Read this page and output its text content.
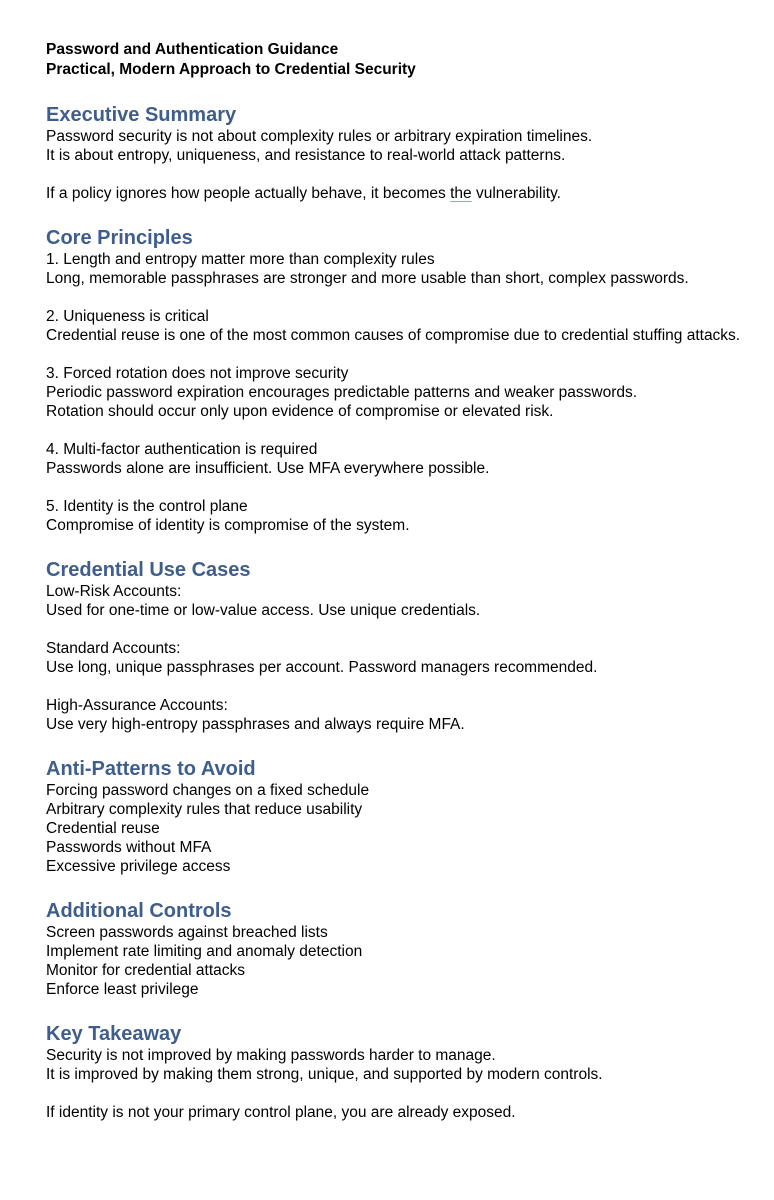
Password and Authentication Guidance

Practical, Modern Approach to Credential Security

Executive Summary

Password security is not about complexity rules or arbitrary expiration timelines.

It is about entropy, uniqueness, and resistance to real-world attack patterns.

If a policy ignores how people actually behave, it becomes the vulnerability.

Core Principles

1. Length and entropy matter more than complexity rules

Long, memorable passphrases are stronger and more usable than short, complex passwords.

2. Uniqueness is critical

Credential reuse is one of the most common causes of compromise due to credential stuffing attacks.

3. Forced rotation does not improve security

Periodic password expiration encourages predictable patterns and weaker passwords.

Rotation should occur only upon evidence of compromise or elevated risk.

4. Multi-factor authentication is required

Passwords alone are insufficient. Use MFA everywhere possible.

5. Identity is the control plane

Compromise of identity is compromise of the system.

Credential Use Cases

Low-Risk Accounts:

Used for one-time or low-value access. Use unique credentials.

Standard Accounts:

Use long, unique passphrases per account. Password managers recommended.

High-Assurance Accounts:

Use very high-entropy passphrases and always require MFA.

Anti-Patterns to Avoid

Forcing password changes on a fixed schedule

Arbitrary complexity rules that reduce usability

Credential reuse

Passwords without MFA

Excessive privilege access

Additional Controls

Screen passwords against breached lists

Implement rate limiting and anomaly detection

Monitor for credential attacks

Enforce least privilege

Key Takeaway

Security is not improved by making passwords harder to manage.

It is improved by making them strong, unique, and supported by modern controls.

If identity is not your primary control plane, you are already exposed.
